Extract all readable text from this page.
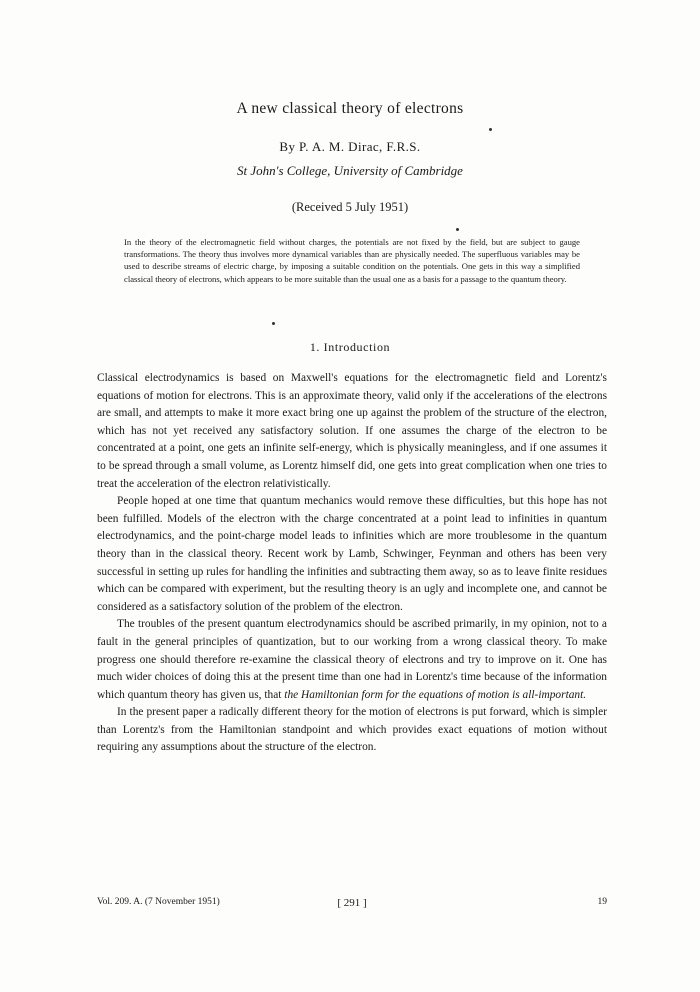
A new classical theory of electrons
By P. A. M. Dirac, F.R.S.
St John's College, University of Cambridge
(Received 5 July 1951)
In the theory of the electromagnetic field without charges, the potentials are not fixed by the field, but are subject to gauge transformations. The theory thus involves more dynamical variables than are physically needed. The superfluous variables may be used to describe streams of electric charge, by imposing a suitable condition on the potentials. One gets in this way a simplified classical theory of electrons, which appears to be more suitable than the usual one as a basis for a passage to the quantum theory.
1. Introduction

Classical electrodynamics is based on Maxwell's equations for the electromagnetic field and Lorentz's equations of motion for electrons. This is an approximate theory, valid only if the accelerations of the electrons are small, and attempts to make it more exact bring one up against the problem of the structure of the electron, which has not yet received any satisfactory solution. If one assumes the charge of the electron to be concentrated at a point, one gets an infinite self-energy, which is physically meaningless, and if one assumes it to be spread through a small volume, as Lorentz himself did, one gets into great complication when one tries to treat the acceleration of the electron relativistically.

People hoped at one time that quantum mechanics would remove these difficulties, but this hope has not been fulfilled. Models of the electron with the charge concentrated at a point lead to infinities in quantum electrodynamics, and the point-charge model leads to infinities which are more troublesome in the quantum theory than in the classical theory. Recent work by Lamb, Schwinger, Feynman and others has been very successful in setting up rules for handling the infinities and subtracting them away, so as to leave finite residues which can be compared with experiment, but the resulting theory is an ugly and incomplete one, and cannot be considered as a satisfactory solution of the problem of the electron.

The troubles of the present quantum electrodynamics should be ascribed primarily, in my opinion, not to a fault in the general principles of quantization, but to our working from a wrong classical theory. To make progress one should therefore re-examine the classical theory of electrons and try to improve on it. One has much wider choices of doing this at the present time than one had in Lorentz's time because of the information which quantum theory has given us, that the Hamiltonian form for the equations of motion is all-important.

In the present paper a radically different theory for the motion of electrons is put forward, which is simpler than Lorentz's from the Hamiltonian standpoint and which provides exact equations of motion without requiring any assumptions about the structure of the electron.

Vol. 209. A. (7 November 1951)	[ 291 ]	19
